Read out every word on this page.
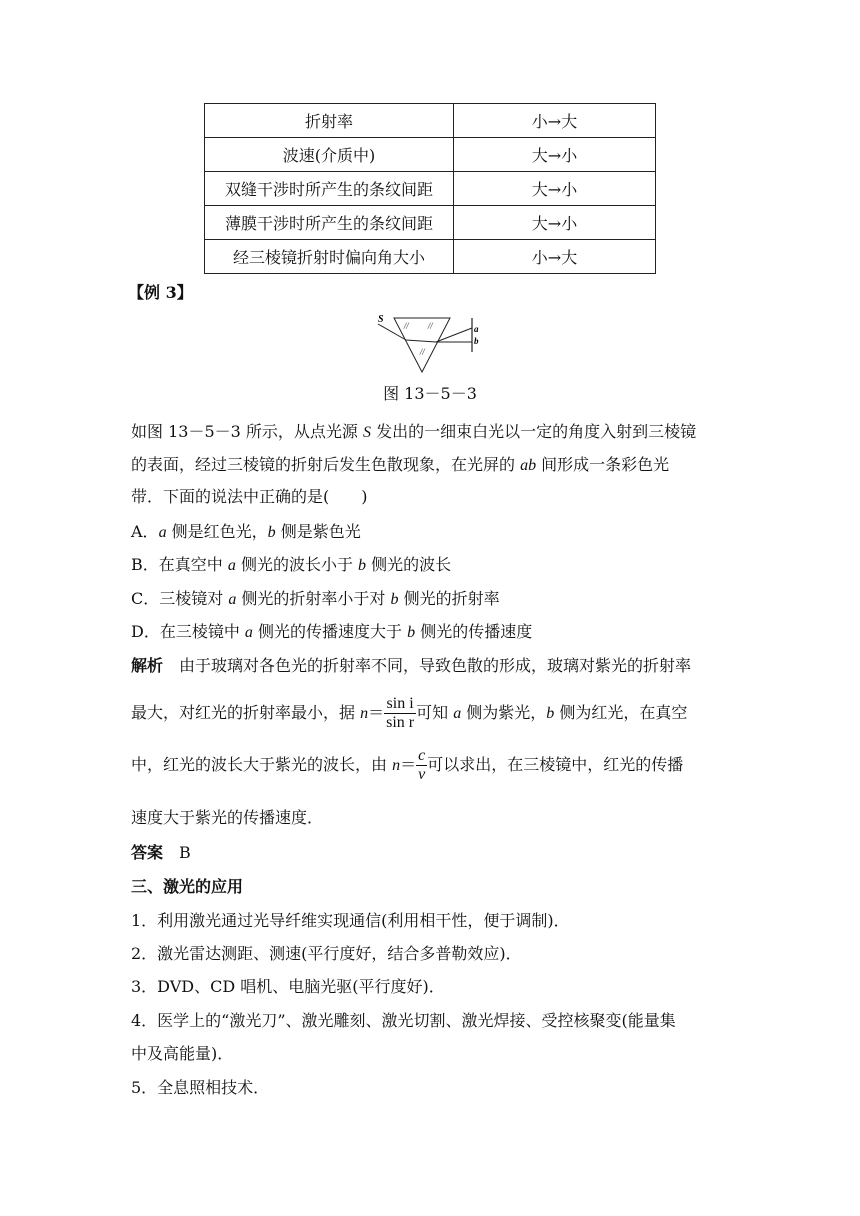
折射率	小→大
波速(介质中)	大→小
双缝干涉时所产生的条纹间距	大→小
薄膜干涉时所产生的条纹间距	大→小
经三棱镜折射时偏向角大小	小→大
【例 3】
//	//
//
S
a
b
图 13－5－3
如图 13－5－3 所示，从点光源 S 发出的一细束白光以一定的角度入射到三棱镜
的表面，经过三棱镜的折射后发生色散现象，在光屏的 ab 间形成一条彩色光
带．下面的说法中正确的是(　　)
A．a 侧是红色光，b 侧是紫色光
B．在真空中 a 侧光的波长小于 b 侧光的波长
C．三棱镜对 a 侧光的折射率小于对 b 侧光的折射率
D．在三棱镜中 a 侧光的传播速度大于 b 侧光的传播速度
解析　由于玻璃对各色光的折射率不同，导致色散的形成，玻璃对紫光的折射率
最大，对红光的折射率最小，据 $n= \frac{\text{sin i}}{\text{sin r}}$ 可知 a 侧为紫光，b 侧为红光，在真空
中，红光的波长大于紫光的波长，由 $n= \frac{c}{v}$ 可以求出，在三棱镜中，红光的传播
速度大于紫光的传播速度．
答案　B
三、激光的应用
1．利用激光通过光导纤维实现通信(利用相干性，便于调制)．
2．激光雷达测距、测速(平行度好，结合多普勒效应)．
3．DVD、CD 唱机、电脑光驱(平行度好)．
4．医学上的“激光刀”、激光雕刻、激光切割、激光焊接、受控核聚变(能量集
中及高能量)．
5．全息照相技术．
